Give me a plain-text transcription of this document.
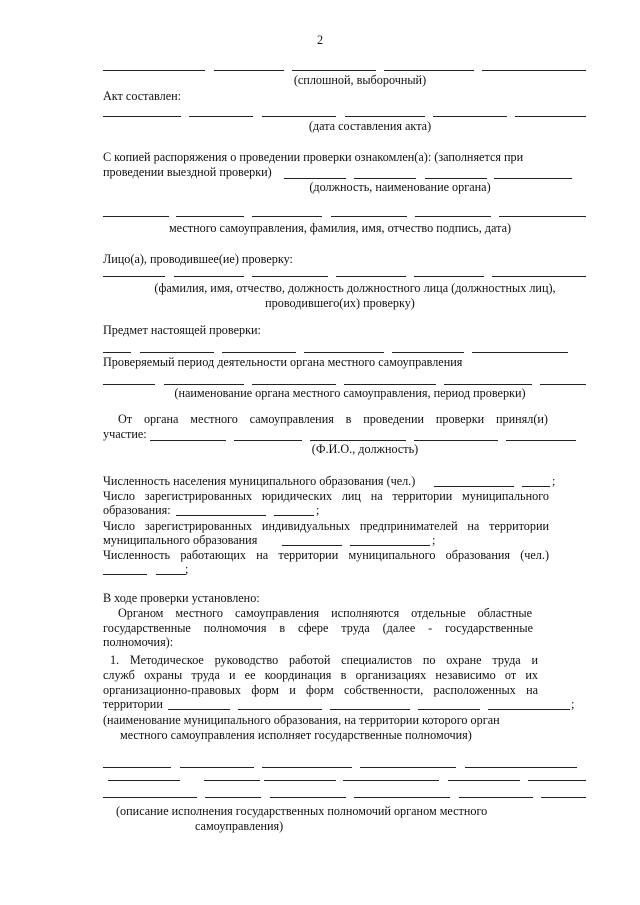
2
(сплошной, выборочный)
Акт составлен:
(дата составления акта)
С копией распоряжения о проведении проверки ознакомлен(а): (заполняется при
проведении выездной проверки)
(должность, наименование органа)
местного самоуправления, фамилия, имя, отчество подпись, дата)
Лицо(а), проводившее(ие) проверку:
(фамилия, имя, отчество, должность должностного лица (должностных лиц),
проводившего(их) проверку)
Предмет настоящей проверки:
Проверяемый период деятельности органа местного самоуправления
(наименование органа местного самоуправления, период проверки)
От органа местного самоуправления в проведении проверки принял(и)
участие:
(Ф.И.О., должность)
Численность населения муниципального образования (чел.)	;
Число зарегистрированных юридических лиц на территории муниципального
образования:	;
Число зарегистрированных индивидуальных предпринимателей на территории
муниципального образования	;
Численность работающих на территории муниципального образования (чел.)
;
В ходе проверки установлено:
Органом местного самоуправления исполняются отдельные областные
государственные полномочия в сфере труда (далее - государственные
полномочия):
1. Методическое руководство работой специалистов по охране труда и
служб охраны труда и ее координация в организациях независимо от их
организационно-правовых форм и форм собственности, расположенных на
территории	;
(наименование муниципального образования, на территории которого орган
местного самоуправления исполняет государственные полномочия)
(описание исполнения государственных полномочий органом местного
самоуправления)
